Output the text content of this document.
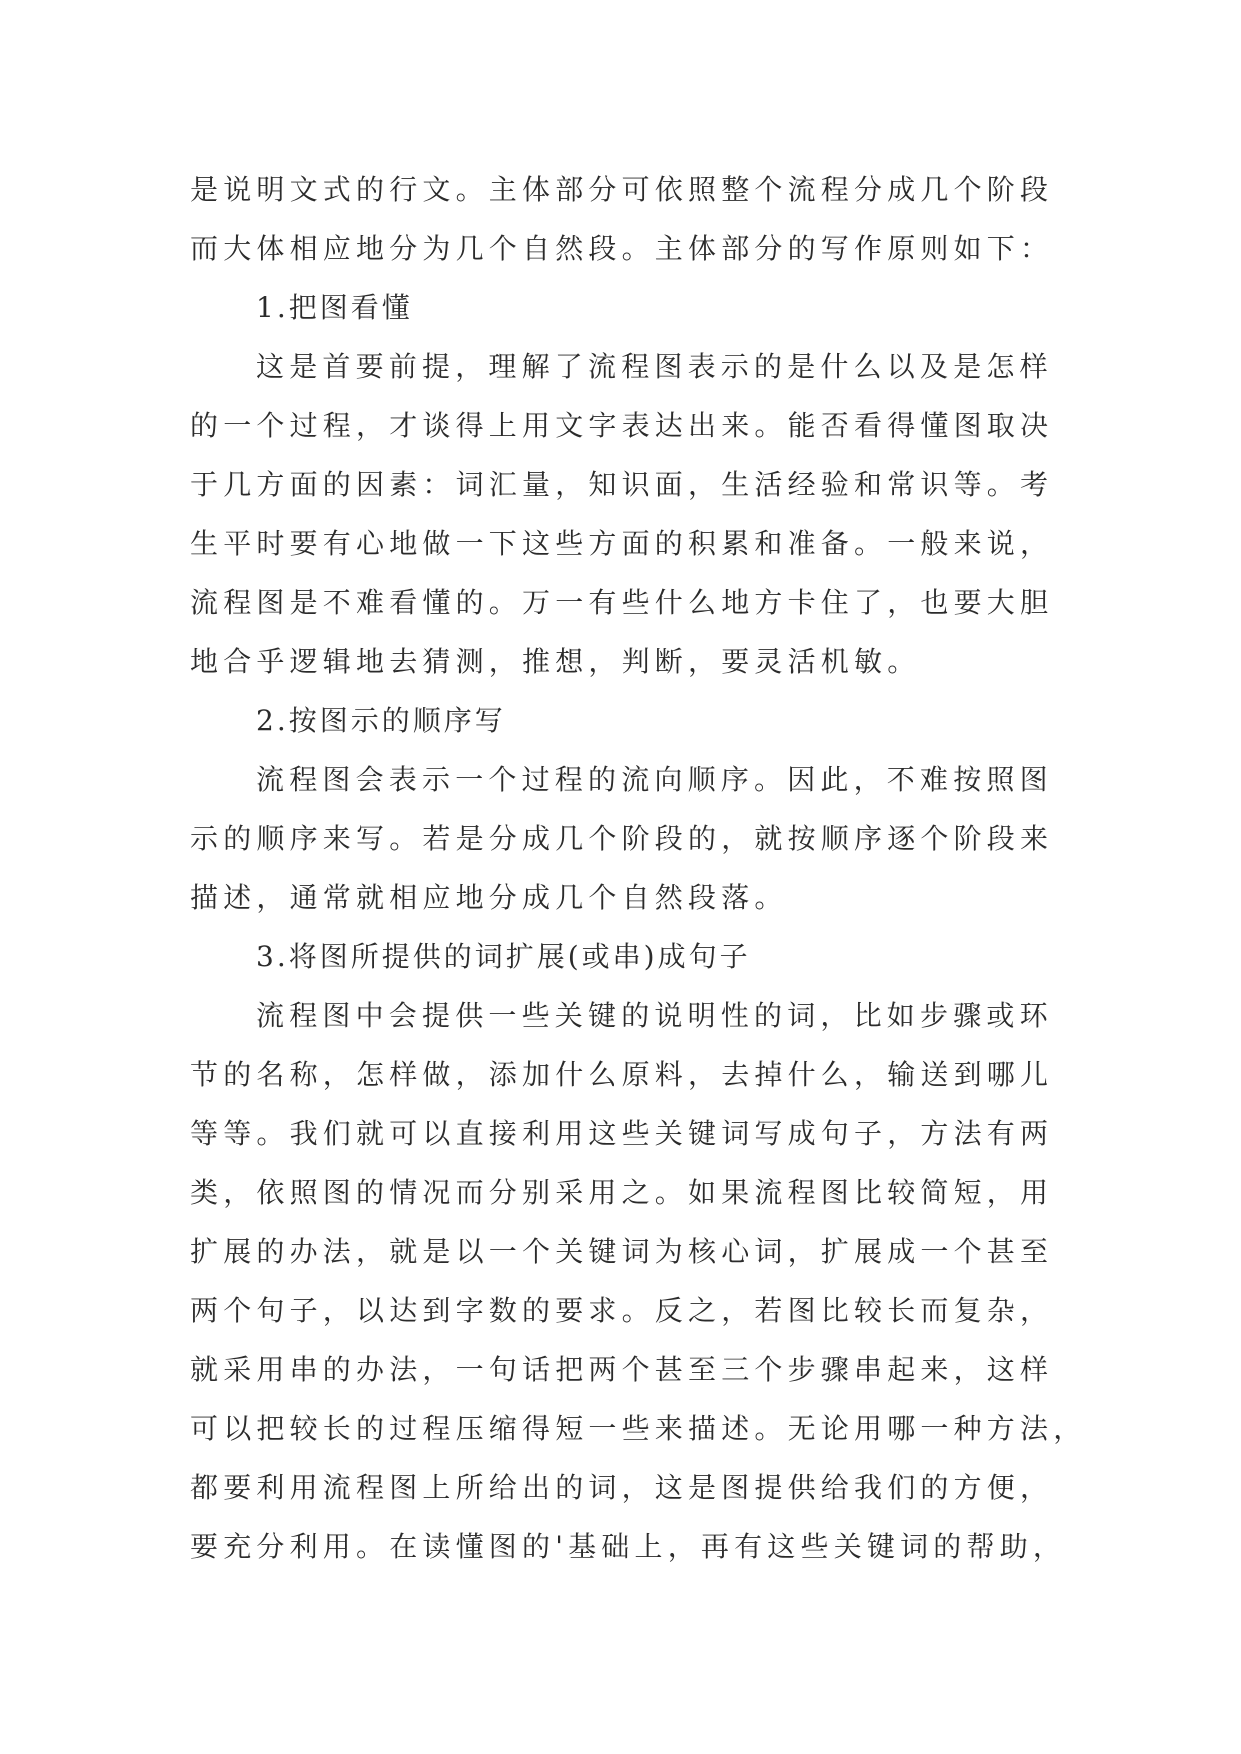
是说明文式的行文。主体部分可依照整个流程分成几个阶段
而大体相应地分为几个自然段。主体部分的写作原则如下：
1.把图看懂
这是首要前提，理解了流程图表示的是什么以及是怎样
的一个过程，才谈得上用文字表达出来。能否看得懂图取决
于几方面的因素：词汇量，知识面，生活经验和常识等。考
生平时要有心地做一下这些方面的积累和准备。一般来说，
流程图是不难看懂的。万一有些什么地方卡住了，也要大胆
地合乎逻辑地去猜测，推想，判断，要灵活机敏。
2.按图示的顺序写
流程图会表示一个过程的流向顺序。因此，不难按照图
示的顺序来写。若是分成几个阶段的，就按顺序逐个阶段来
描述，通常就相应地分成几个自然段落。
3.将图所提供的词扩展(或串)成句子
流程图中会提供一些关键的说明性的词，比如步骤或环
节的名称，怎样做，添加什么原料，去掉什么，输送到哪儿
等等。我们就可以直接利用这些关键词写成句子，方法有两
类，依照图的情况而分别采用之。如果流程图比较简短，用
扩展的办法，就是以一个关键词为核心词，扩展成一个甚至
两个句子，以达到字数的要求。反之，若图比较长而复杂，
就采用串的办法，一句话把两个甚至三个步骤串起来，这样
可以把较长的过程压缩得短一些来描述。无论用哪一种方法，
都要利用流程图上所给出的词，这是图提供给我们的方便，
要充分利用。在读懂图的'基础上，再有这些关键词的帮助，
